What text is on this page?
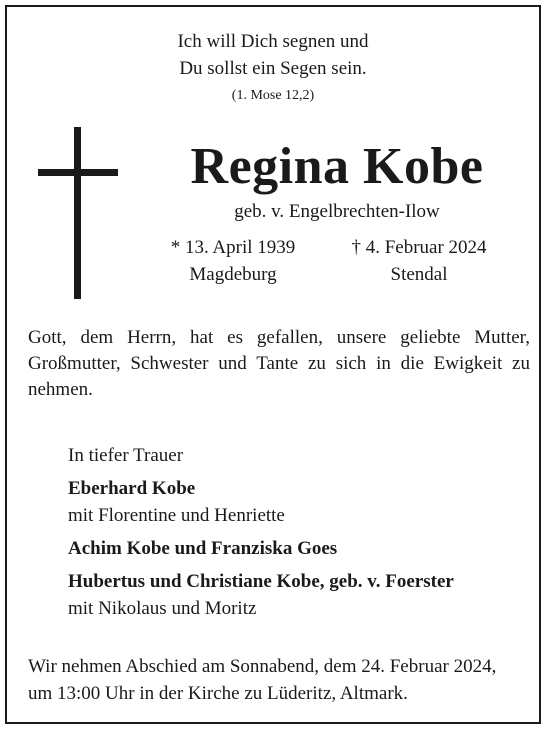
Ich will Dich segnen und
Du sollst ein Segen sein.
(1. Mose 12,2)
Regina Kobe
geb. v. Engelbrechten-Ilow
* 13. April 1939
Magdeburg
† 4. Februar 2024
Stendal
Gott, dem Herrn, hat es gefallen, unsere geliebte Mutter, Großmutter, Schwester und Tante zu sich in die Ewigkeit zu nehmen.
In tiefer Trauer
Eberhard Kobe
mit Florentine und Henriette
Achim Kobe und Franziska Goes
Hubertus und Christiane Kobe, geb. v. Foerster
mit Nikolaus und Moritz
Wir nehmen Abschied am Sonnabend, dem 24. Februar 2024,
um 13:00 Uhr in der Kirche zu Lüderitz, Altmark.
